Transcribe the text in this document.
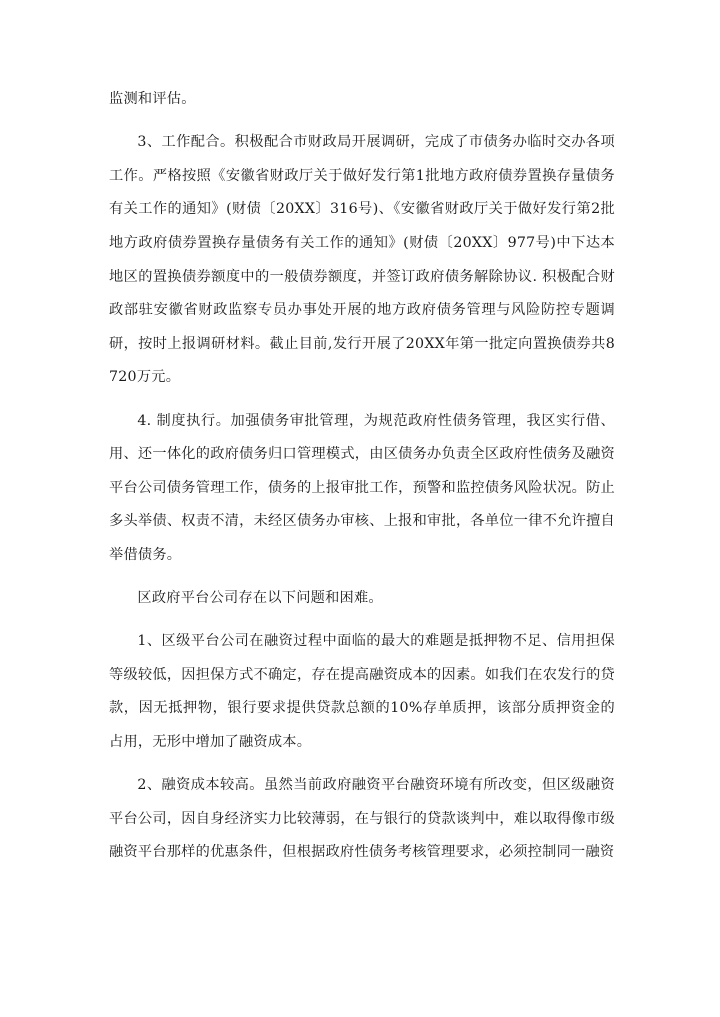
监测和评估。

3、工作配合。积极配合市财政局开展调研，完成了市债务办临时交办各项工作。严格按照《安徽省财政厅关于做好发行第1批地方政府债券置换存量债务有关工作的通知》(财债〔20XX〕316号)、《安徽省财政厅关于做好发行第2批地方政府债券置换存量债务有关工作的通知》(财债〔20XX〕977号)中下达本地区的置换债券额度中的一般债券额度，并签订政府债务解除协议. 积极配合财政部驻安徽省财政监察专员办事处开展的地方政府债务管理与风险防控专题调研，按时上报调研材料。截止目前,发行开展了20XX年第一批定向置换债券共8720万元。

4. 制度执行。加强债务审批管理，为规范政府性债务管理，我区实行借、用、还一体化的政府债务归口管理模式，由区债务办负责全区政府性债务及融资平台公司债务管理工作，债务的上报审批工作，预警和监控债务风险状况。防止多头举债、权责不清，未经区债务办审核、上报和审批，各单位一律不允许擅自举借债务。

区政府平台公司存在以下问题和困难。

1、区级平台公司在融资过程中面临的最大的难题是抵押物不足、信用担保等级较低，因担保方式不确定，存在提高融资成本的因素。如我们在农发行的贷款，因无抵押物，银行要求提供贷款总额的10%存单质押，该部分质押资金的占用，无形中增加了融资成本。

2、融资成本较高。虽然当前政府融资平台融资环境有所改变，但区级融资平台公司，因自身经济实力比较薄弱，在与银行的贷款谈判中，难以取得像市级融资平台那样的优惠条件，但根据政府性债务考核管理要求，必须控制同一融资
